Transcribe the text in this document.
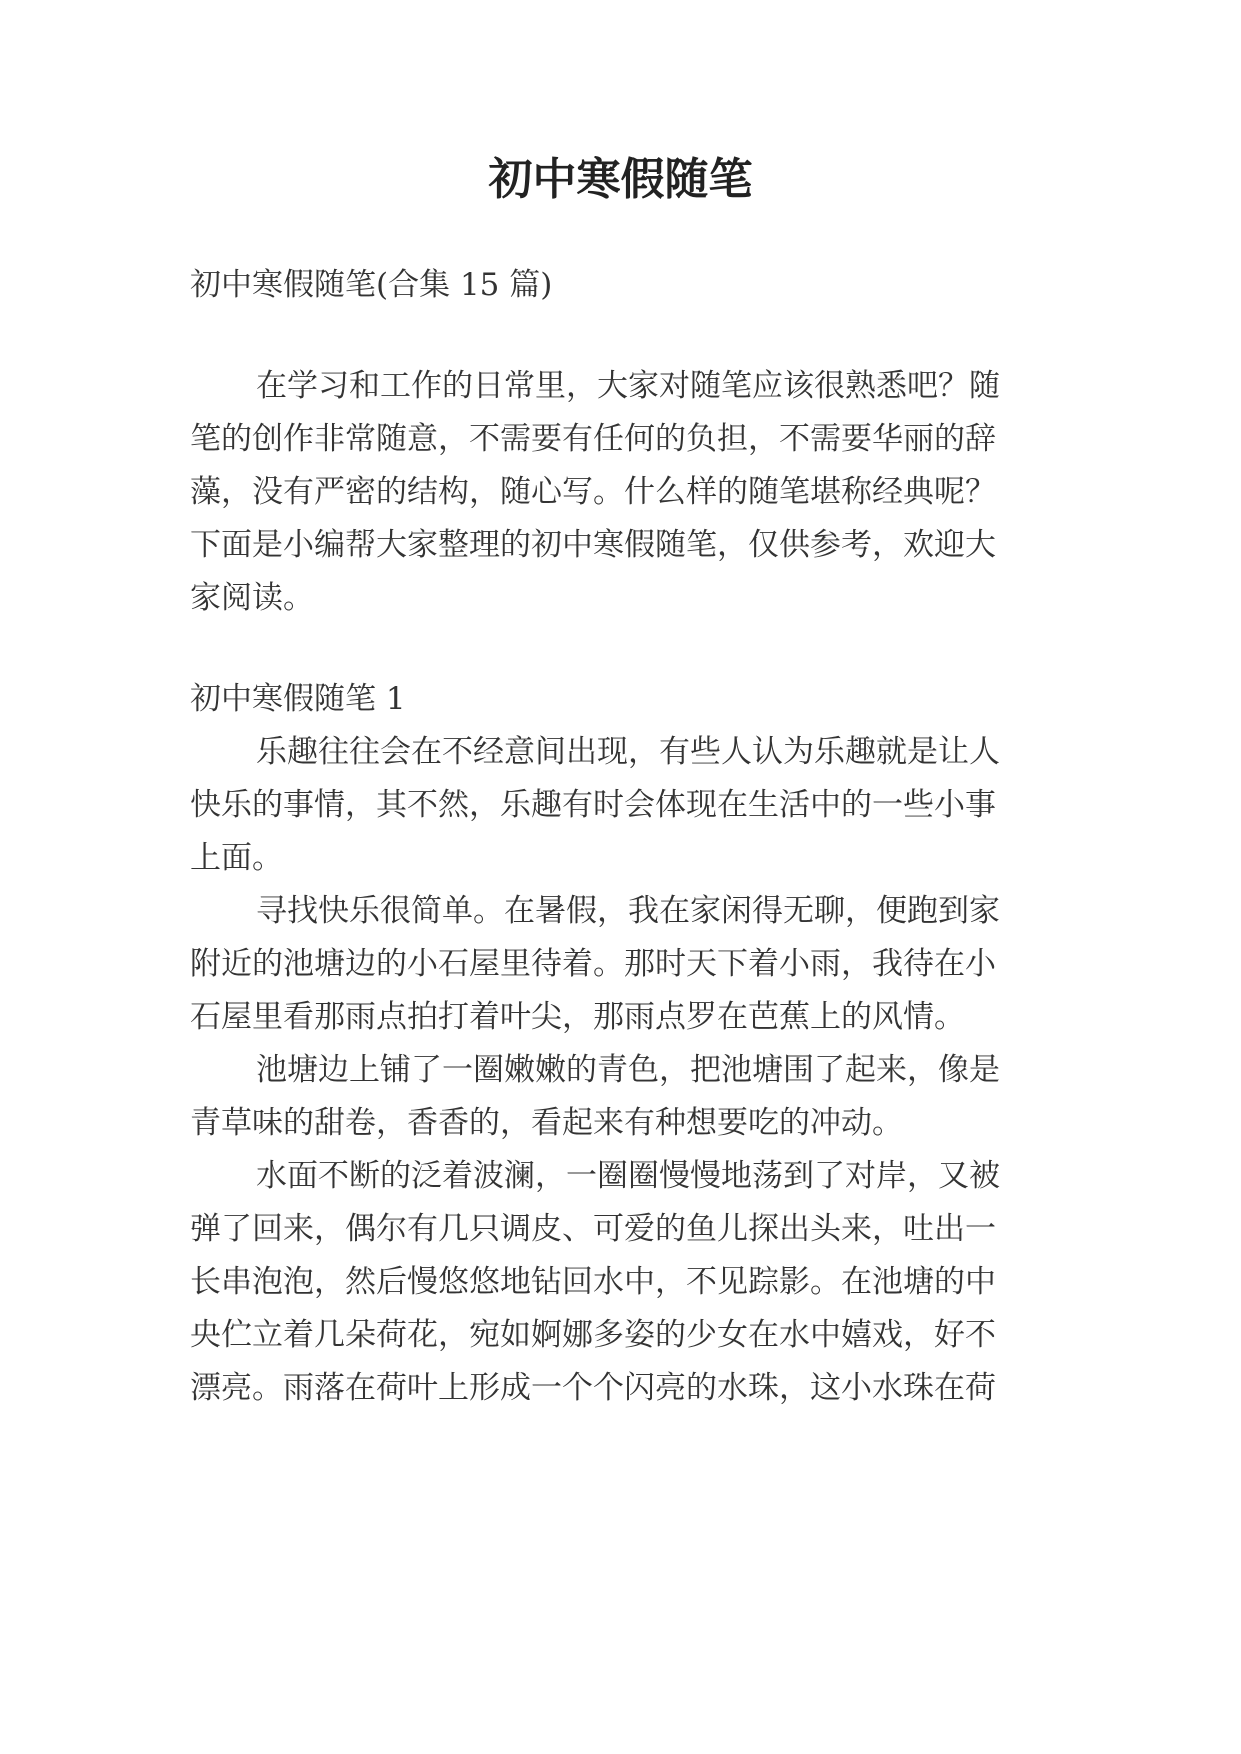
初中寒假随笔

初中寒假随笔(合集 15 篇)

在学习和工作的日常里，大家对随笔应该很熟悉吧？随

笔的创作非常随意，不需要有任何的负担，不需要华丽的辞

藻，没有严密的结构，随心写。什么样的随笔堪称经典呢？

下面是小编帮大家整理的初中寒假随笔，仅供参考，欢迎大

家阅读。

初中寒假随笔 1

乐趣往往会在不经意间出现，有些人认为乐趣就是让人

快乐的事情，其不然，乐趣有时会体现在生活中的一些小事

上面。

寻找快乐很简单。在暑假，我在家闲得无聊，便跑到家

附近的池塘边的小石屋里待着。那时天下着小雨，我待在小

石屋里看那雨点拍打着叶尖，那雨点罗在芭蕉上的风情。

池塘边上铺了一圈嫩嫩的青色，把池塘围了起来，像是

青草味的甜卷，香香的，看起来有种想要吃的冲动。

水面不断的泛着波澜，一圈圈慢慢地荡到了对岸，又被

弹了回来，偶尔有几只调皮、可爱的鱼儿探出头来，吐出一

长串泡泡，然后慢悠悠地钻回水中，不见踪影。在池塘的中

央伫立着几朵荷花，宛如婀娜多姿的少女在水中嬉戏，好不

漂亮。雨落在荷叶上形成一个个闪亮的水珠，这小水珠在荷
